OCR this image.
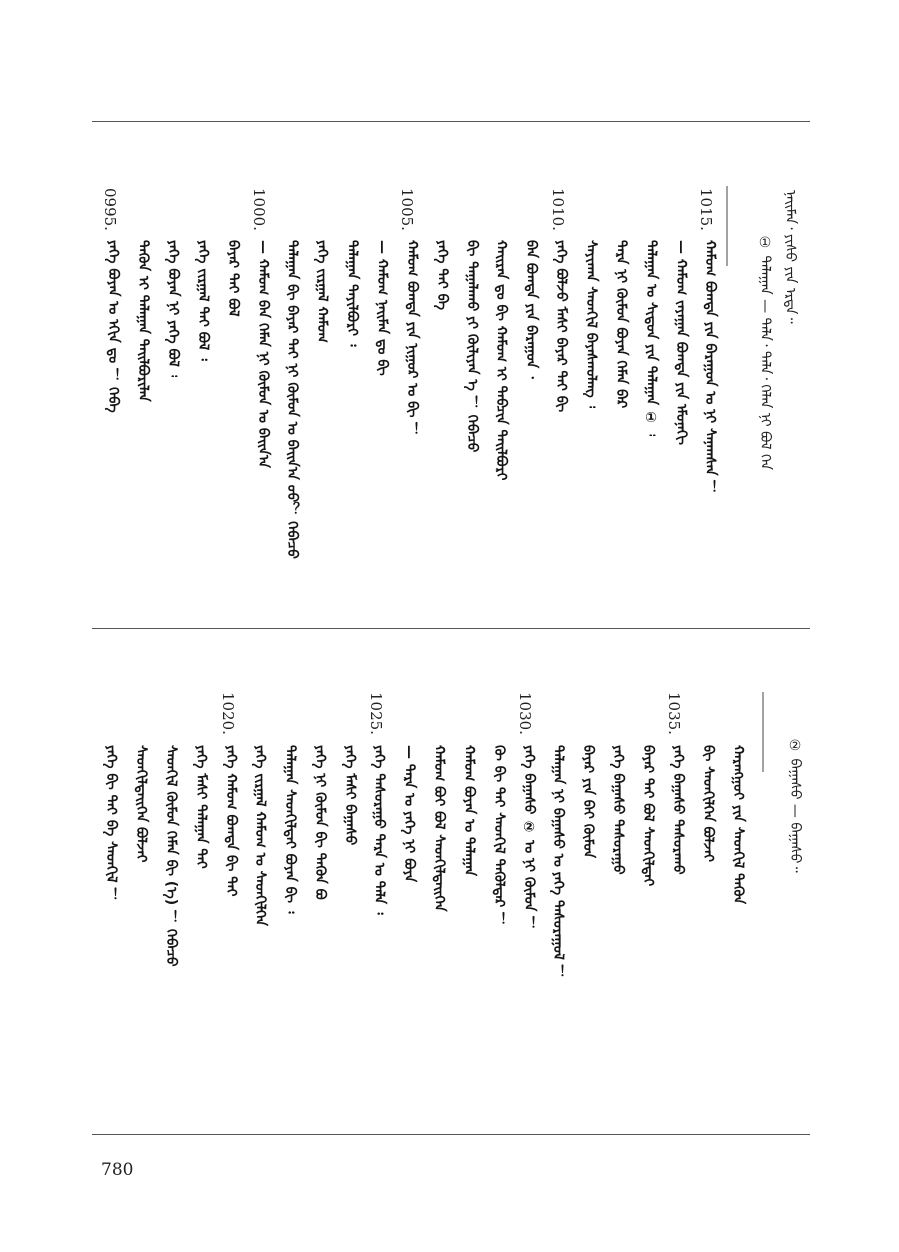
ᠨᠠᠢᠮᠠᠨ᠂ ᠶᠢᠰᠦ ᠶᠢᠨ ᠡᠷᠲᠡ᠃
① ᠲᠠᠯᠠᠭᠠᠨ — ᠲᠠᠯᠠ᠂ ᠲᠠᠯᠠ᠂ ᠬᠡᠯᠡᠨ ᠨᠢ ᠪᠣᠯ ᠭᠡᠨ
1015.
1010.
1005.
1000.
0995.
ᠬᠠᠮᠤᠭ ᠪᠣᠭᠳᠠ ᠶᠢᠨ ᠪᠠᠷᠠᠭᠤᠨ ᠤ ᠨᠢ ᠰᠠᠨᠠᠭᠰᠠᠨ ！
— ᠬᠠᠮᠤᠭ ᠵᠠᠶᠠᠭᠠᠨ ᠪᠣᠭᠳᠠ ᠶᠢᠨ ᠡᠮᠦᠨᠡᠬᠢ
ᠲᠠᠯᠠᠭᠠᠨ ᠤ ᠰᠢᠳᠦᠨ ᠶᠢᠨ ᠲᠠᠯᠠᠭᠠᠨ ① ᠄
ᠲᠡᠷᠡ ᠨᠢ ᠬᠦᠮᠦᠨ ᠪᠤᠶᠠᠨ ᠬᠡᠮᠡᠨ ᠪᠡᠷ
ᠰᠠᠶᠢᠬᠠᠨ ᠰᠡᠳᠬᠢᠯ ᠪᠠᠶᠠᠰᠬᠤᠯᠠᠩ ᠄
ᠶᠡᠬᠡ ᠪᠣᠯᠵᠤ ᠮᠠᠰᠢ ᠪᠠᠶᠠᠷ ᠲᠠᠢ ᠪᠢ
ᠪᠠᠨ ᠪᠣᠭᠳᠠ ᠶᠢᠨ ᠪᠠᠷᠠᠭᠤᠨ ᠂
ᠬᠠᠢᠷᠠᠨ ᠳᠤ ᠪᠢ ᠬᠠᠮᠤᠭ ᠢ ᠲᠡᠪᠴᠢᠨ ᠲᠠᠢᠯᠪᠤᠷᠢ
ᠪᠢ ᠲᠠᠭᠠᠯᠠᠬᠤ ᠶᠢ ᠬᠦᠯᠢᠶᠡᠨ ᠡ ！ ᠭᠡᠪᠡᠴᠦ
ᠶᠡᠬᠡ ᠲᠠᠢ ᠪᠠ
ᠬᠠᠮᠤᠭ ᠪᠣᠭᠳᠠ ᠶᠢᠨ ᠨᠢᠭᠤᠷ ᠤ ᠪᠢ ！
— ᠬᠠᠮᠤᠭ ᠨᠠᠢᠮᠠᠨ ᠳᠤ ᠪᠢ
ᠲᠠᠯᠠᠭᠠᠨ ᠲᠠᠶᠢᠯᠪᠤᠷᠢ ᠄
ᠶᠡᠬᠡ ᠵᠢᠷᠭᠠᠯ ᠬᠠᠮᠤᠭ
ᠲᠠᠯᠠᠭᠠᠨ ᠪᠢ ᠪᠠᠶᠠᠷ ᠲᠠᠢ ᠨᠢ ᠬᠦᠮᠦᠨ ᠤ ᠪᠠᠢᠨ᠎ᠠ ᠤᠤ？ ᠭᠡᠪᠡᠴᠦ
— ᠬᠠᠮᠤᠭ ᠪᠠᠨ ᠬᠡᠮᠡᠨ ᠨᠢ ᠬᠦᠮᠦᠨ ᠤ ᠪᠠᠢᠨ᠎ᠠ
ᠪᠠᠶᠠᠷ ᠲᠠᠢ ᠪᠣᠯ
ᠶᠡᠬᠡ ᠵᠢᠷᠭᠠᠯ ᠲᠠᠢ ᠪᠣᠯ ᠄
ᠶᠡᠬᠡ ᠪᠤᠶᠠᠨ ᠨᠢ ᠶᠡᠬᠡ ᠪᠤᠯ ᠄
ᠲᠡᠭᠦᠨ ᠢ ᠲᠠᠯᠠᠭᠠᠨ ᠲᠠᠢᠯᠪᠤᠷᠢᠯᠠᠨ
ᠶᠡᠬᠡ ᠪᠤᠶᠠᠨ ᠤ ᠡᠬᠢᠨ ᠳᠤ ！ ᠭᠡᠪᠡ
② ᠪᠠᠭᠠᠰᠤ — ᠪᠠᠭᠠᠰᠤ᠃
1035.
1030.
1025.
1020.
ᠬᠠᠷᠠᠩᠭᠤᠢ ᠶᠢᠨ ᠰᠡᠳᠬᠢᠯ ᠲᠡᠭᠦᠨ
ᠪᠢ ᠰᠡᠳᠬᠢᠯᠭᠡᠨ ᠪᠣᠯᠵᠠᠢ
ᠶᠡᠬᠡ ᠪᠠᠭᠠᠰᠤ ᠲᠠᠰᠤᠷᠠᠬᠤ
ᠪᠠᠶᠠᠷ ᠲᠠᠢ ᠪᠣᠯ ᠰᠡᠳᠬᠢᠯᠲᠡᠢ
ᠶᠡᠬᠡ ᠪᠠᠭᠠᠰᠤ ᠲᠠᠰᠤᠷᠠᠭᠤ
ᠪᠠᠶᠠᠷ ᠶᠢᠨ ᠪᠠᠢ ᠬᠦᠮᠦᠨ
ᠲᠠᠯᠠᠭᠠᠨ ᠨᠢ ᠪᠠᠭᠠᠰᠤ ᠤ ᠶᠡᠬᠡ ᠲᠠᠰᠤᠷᠠᠭᠤᠯ ！
ᠶᠡᠬᠡ ᠪᠠᠭᠠᠰᠤ ② ᠤ ᠨᠢ ᠬᠦᠮᠦᠨ ！
ᠬᠦ ᠪᠢ ᠲᠠᠢ ᠰᠡᠳᠬᠢᠯ ᠲᠡᠭᠦᠯᠳᠡᠷ ！
ᠬᠠᠮᠤᠭ ᠪᠤᠶᠠᠨ ᠤ ᠲᠠᠯᠠᠭᠠᠨ
ᠬᠠᠮᠤᠭ ᠪᠤᠶ ᠪᠣᠯ ᠰᠡᠳᠬᠢᠯᠲᠡᠢᠭᠡᠨ
— ᠲᠡᠷᠡ ᠤ ᠶᠡᠬᠡ ᠨᠢ ᠪᠤᠶᠠ
ᠶᠡᠬᠡ ᠲᠠᠰᠤᠷᠠᠭᠤ ᠲᠡᠷᠡ ᠤ ᠲᠠᠯᠠ ᠄
ᠶᠡᠬᠡ ᠮᠠᠰᠢ ᠪᠠᠭᠠᠰᠤ
ᠶᠡᠬᠡ ᠨᠢ ᠬᠦᠮᠦᠨ ᠪᠢ ᠲᠡᠭᠦᠨ ᠪᠤ
ᠲᠠᠯᠠᠭᠠᠨ ᠰᠡᠳᠬᠢᠯᠲᠡᠢ ᠪᠤᠶᠠᠨ ᠪᠢ ᠄
ᠶᠡᠬᠡ ᠵᠢᠷᠭᠠᠯ ᠬᠠᠮᠤᠭ ᠤ ᠰᠡᠳᠬᠢᠯᠭᠡᠨ
ᠶᠡᠬᠡ ᠬᠠᠮᠤᠭ ᠪᠣᠭᠳᠠ ᠪᠢ ᠲᠠᠢ
ᠶᠡᠬᠡ ᠮᠠᠰᠢ ᠲᠠᠯᠠᠭᠠᠨ ᠲᠠᠢ
ᠰᠡᠳᠬᠢᠯ ᠬᠦᠮᠦᠨ ᠬᠡᠮᠡᠨ ᠪᠢ (ᠡ) ！ ᠭᠡᠪᠡᠴᠦ
ᠰᠡᠳᠬᠢᠯᠲᠡᠢᠭᠡᠨ ᠪᠣᠯᠵᠠᠢ
ᠶᠡᠬᠡ ᠪᠢ ᠲᠠᠢ ᠪᠠ ᠰᠡᠳᠬᠢᠯ ！
780
